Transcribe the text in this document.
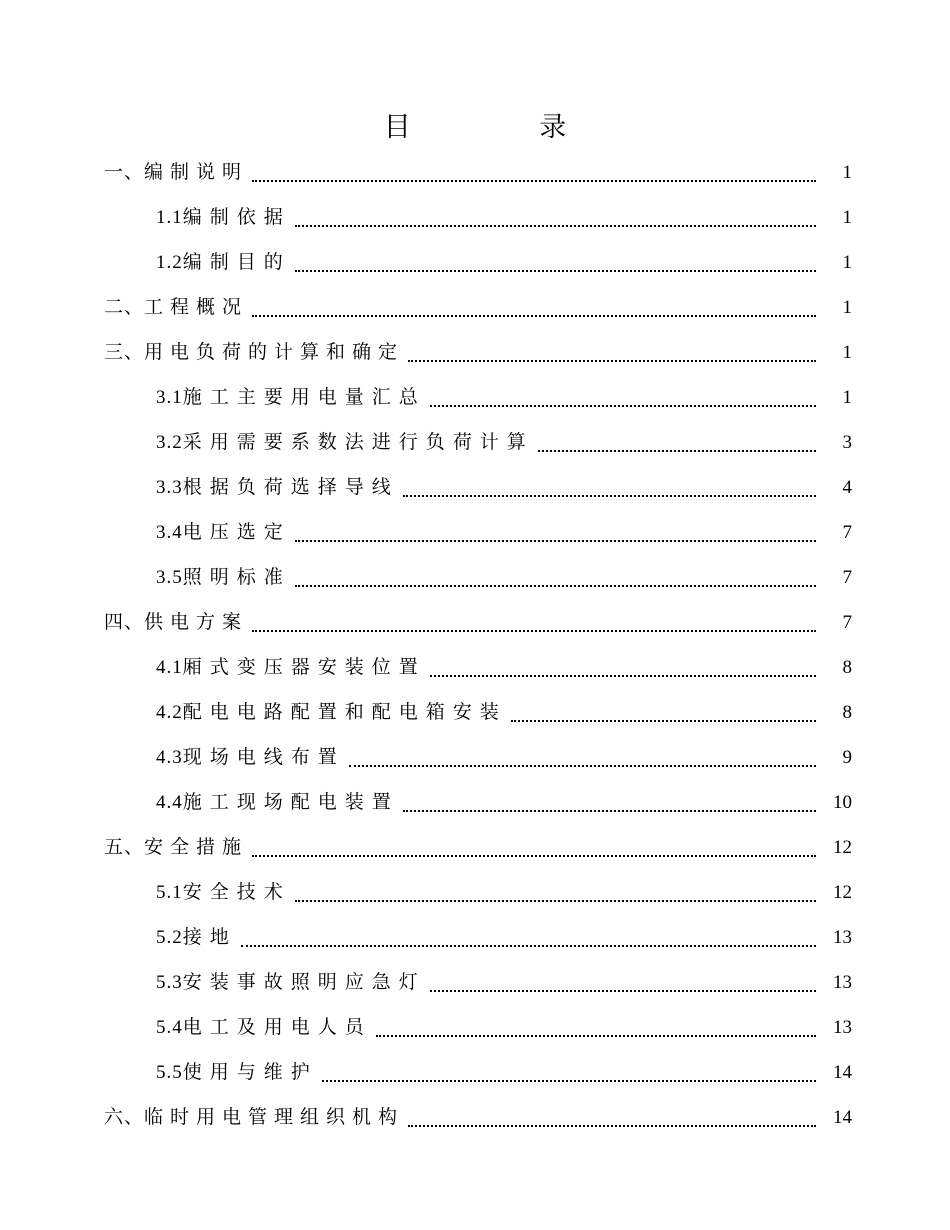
目 录
一、 编制说明	1
1.1 编制依据	1
1.2 编制目的	1
二、 工程概况	1
三、 用电负荷的计算和确定	1
3.1 施工主要用电量汇总	1
3.2 采用需要系数法进行负荷计算	3
3.3 根据负荷选择导线	4
3.4 电压选定	7
3.5 照明标准	7
四、 供电方案	7
4.1 厢式变压器安装位置	8
4.2 配电电路配置和配电箱安装	8
4.3 现场电线布置	9
4.4 施工现场配电装置	10
五、 安全措施	12
5.1 安全技术	12
5.2 接地	13
5.3 安装事故照明应急灯	13
5.4 电工及用电人员	13
5.5 使用与维护	14
六、 临时用电管理组织机构	14
